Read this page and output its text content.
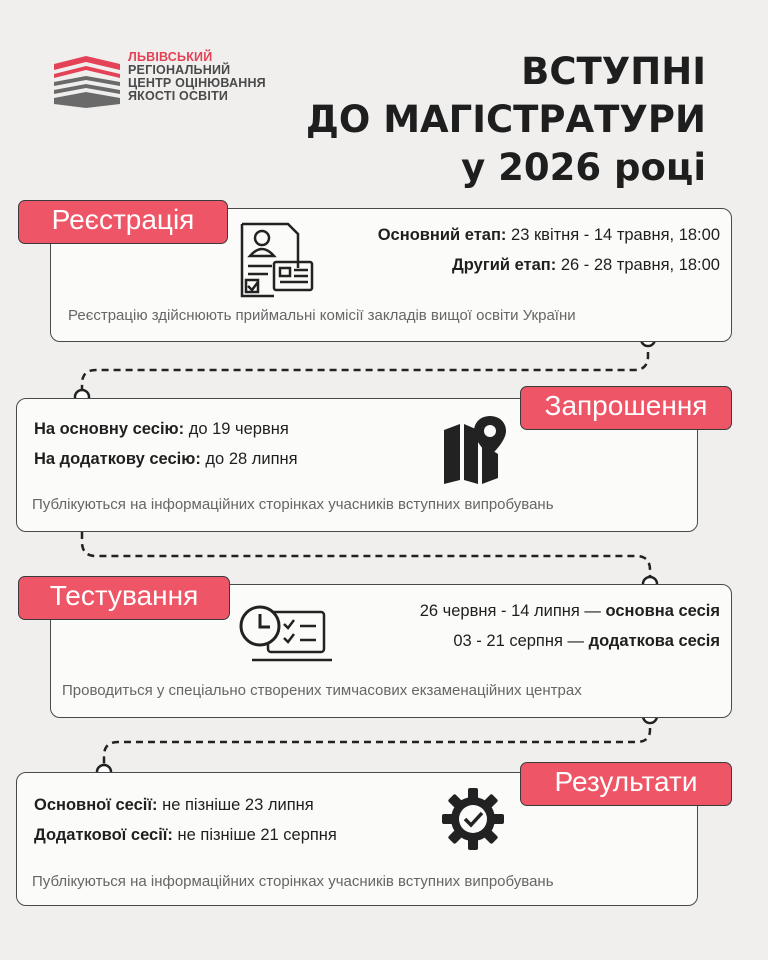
ЛЬВІВСЬКИЙ
РЕГІОНАЛЬНИЙ
ЦЕНТР ОЦІНЮВАННЯ
ЯКОСТІ ОСВІТИ
ВСТУПНІ
ДО МАГІСТРАТУРИ
у 2026 році
Реєстрація	Основний етап: 23 квітня - 14 травня, 18:00
Другий етап: 26 - 28 травня, 18:00
Реєстрацію здійснюють приймальні комісії закладів вищої освіти України
Запрошення
На основну сесію: до 19 червня
На додаткову сесію: до 28 липня
Публікуються на інформаційних сторінках учасників вступних випробувань
Тестування	26 червня - 14 липня — основна сесія
03 - 21 серпня — додаткова сесія
Проводиться у спеціально створених тимчасових екзаменаційних центрах
Результати
Основної сесії: не пізніше 23 липня
Додаткової сесії: не пізніше 21 серпня
Публікуються на інформаційних сторінках учасників вступних випробувань
